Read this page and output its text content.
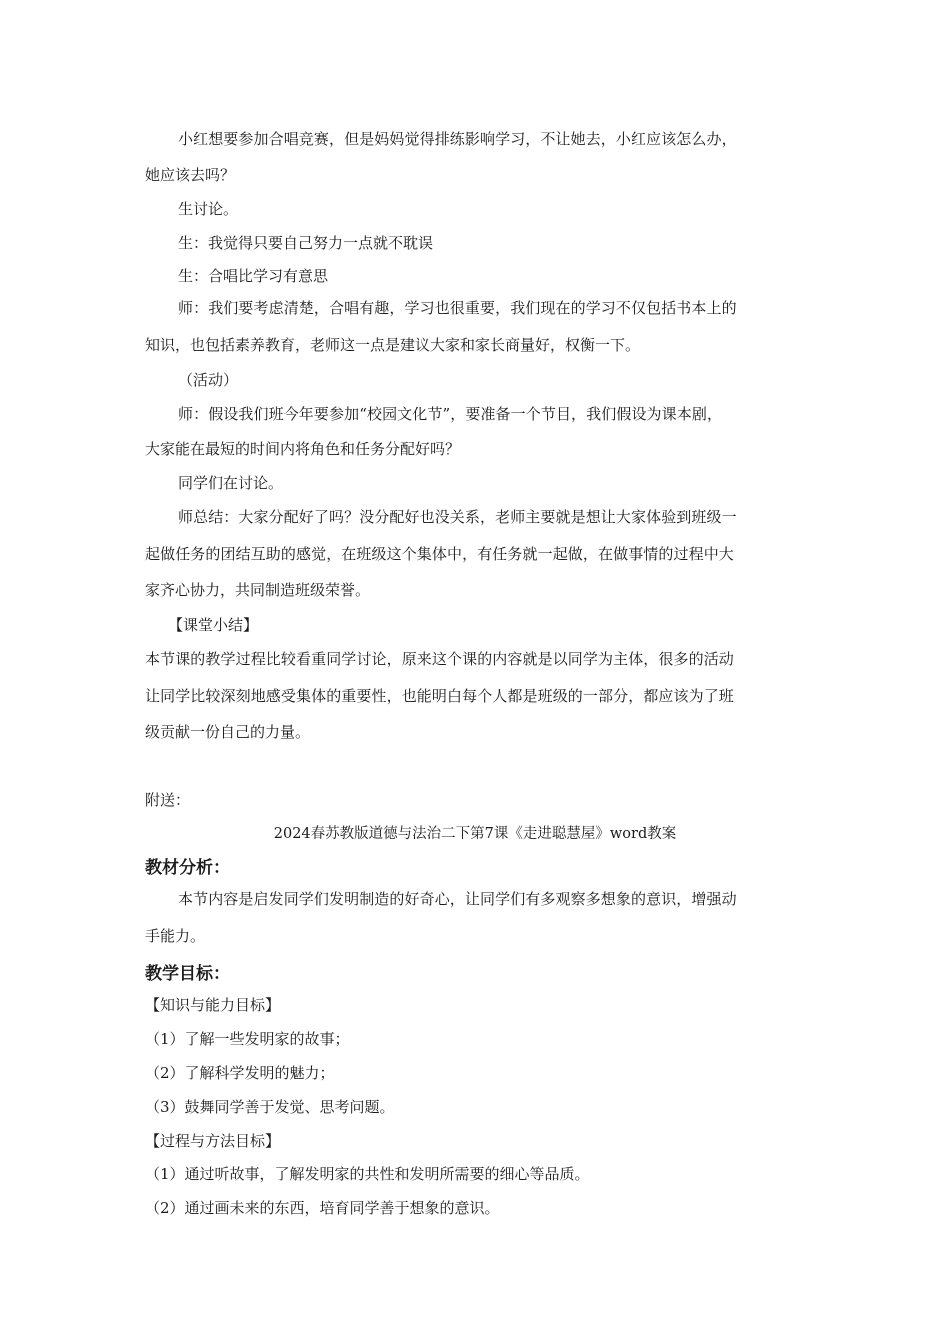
小红想要参加合唱竞赛，但是妈妈觉得排练影响学习，不让她去，小红应该怎么办，
她应该去吗？
生讨论。
生：我觉得只要自己努力一点就不耽误
生：合唱比学习有意思
师：我们要考虑清楚，合唱有趣，学习也很重要，我们现在的学习不仅包括书本上的
知识，也包括素养教育，老师这一点是建议大家和家长商量好，权衡一下。
（活动）
师：假设我们班今年要参加“校园文化节”，要准备一个节目，我们假设为课本剧，
大家能在最短的时间内将角色和任务分配好吗？
同学们在讨论。
师总结：大家分配好了吗？没分配好也没关系，老师主要就是想让大家体验到班级一
起做任务的团结互助的感觉，在班级这个集体中，有任务就一起做，在做事情的过程中大
家齐心协力，共同制造班级荣誉。
【课堂小结】
本节课的教学过程比较看重同学讨论，原来这个课的内容就是以同学为主体，很多的活动
让同学比较深刻地感受集体的重要性，也能明白每个人都是班级的一部分，都应该为了班
级贡献一份自己的力量。
附送：
2024春苏教版道德与法治二下第7课《走进聪慧屋》word教案
教材分析：
本节内容是启发同学们发明制造的好奇心，让同学们有多观察多想象的意识，增强动
手能力。
教学目标：
【知识与能力目标】
（1）了解一些发明家的故事；
（2）了解科学发明的魅力；
（3）鼓舞同学善于发觉、思考问题。
【过程与方法目标】
（1）通过听故事，了解发明家的共性和发明所需要的细心等品质。
（2）通过画未来的东西，培育同学善于想象的意识。
